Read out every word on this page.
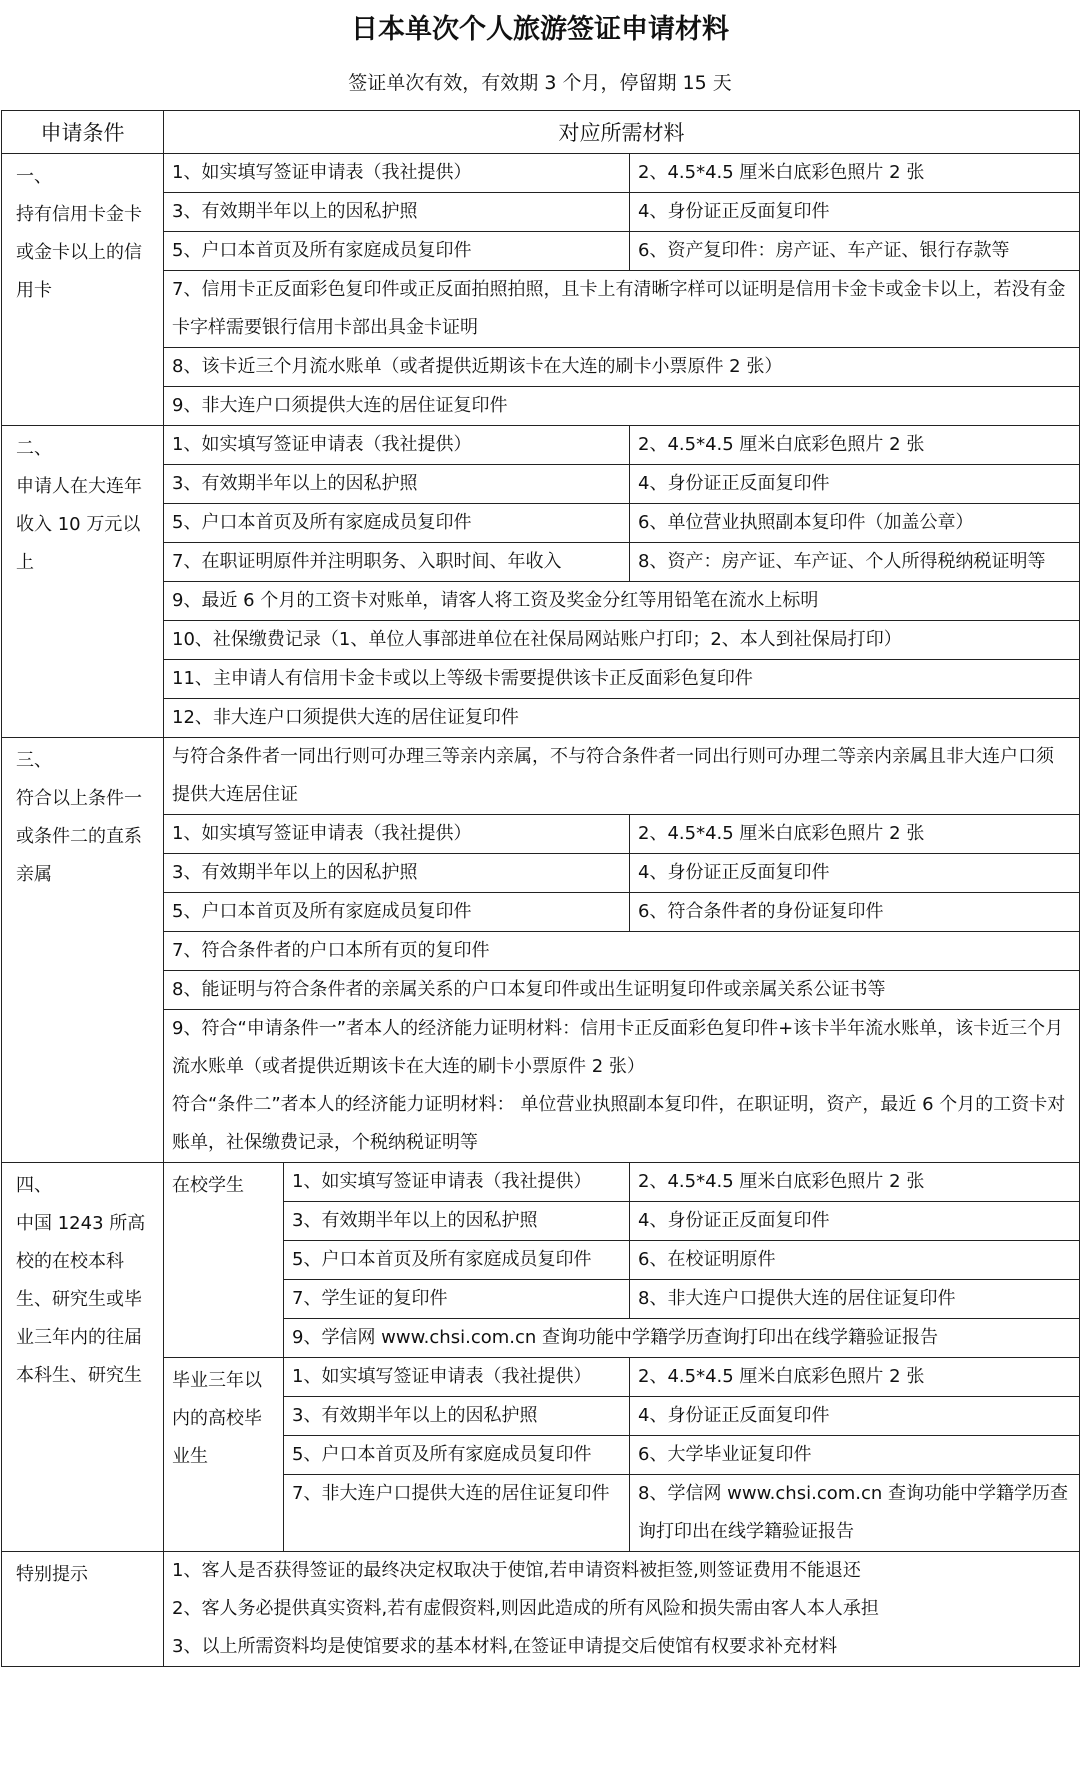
日本单次个人旅游签证申请材料
签证单次有效，有效期 3 个月，停留期 15 天
申请条件	对应所需材料		

一、
持有信用卡金卡或金卡以上的信用卡	1、如实填写签证申请表（我社提供）		2、4.5*4.5 厘米白底彩色照片 2 张
	3、有效期半年以上的因私护照		4、身份证正反面复印件
	5、户口本首页及所有家庭成员复印件		6、资产复印件：房产证、车产证、银行存款等
	7、信用卡正反面彩色复印件或正反面拍照拍照，且卡上有清晰字样可以证明是信用卡金卡或金卡以上，若没有金卡字样需要银行信用卡部出具金卡证明		
	8、该卡近三个月流水账单（或者提供近期该卡在大连的刷卡小票原件 2 张）		
	9、非大连户口须提供大连的居住证复印件		

二、
申请人在大连年收入 10 万元以上	1、如实填写签证申请表（我社提供）		2、4.5*4.5 厘米白底彩色照片 2 张
	3、有效期半年以上的因私护照		4、身份证正反面复印件
	5、户口本首页及所有家庭成员复印件		6、单位营业执照副本复印件（加盖公章）
	7、在职证明原件并注明职务、入职时间、年收入		8、资产：房产证、车产证、个人所得税纳税证明等
	9、最近 6 个月的工资卡对账单，请客人将工资及奖金分红等用铅笔在流水上标明		
	10、社保缴费记录（1、单位人事部进单位在社保局网站账户打印；2、本人到社保局打印）		
	11、主申请人有信用卡金卡或以上等级卡需要提供该卡正反面彩色复印件		
	12、非大连户口须提供大连的居住证复印件		

三、
符合以上条件一或条件二的直系亲属	与符合条件者一同出行则可办理三等亲内亲属，不与符合条件者一同出行则可办理二等亲内亲属且非大连户口须提供大连居住证		
	1、如实填写签证申请表（我社提供）		2、4.5*4.5 厘米白底彩色照片 2 张
	3、有效期半年以上的因私护照		4、身份证正反面复印件
	5、户口本首页及所有家庭成员复印件		6、符合条件者的身份证复印件
	7、符合条件者的户口本所有页的复印件		
	8、能证明与符合条件者的亲属关系的户口本复印件或出生证明复印件或亲属关系公证书等		

	9、符合“申请条件一”者本人的经济能力证明材料：信用卡正反面彩色复印件+该卡半年流水账单，该卡近三个月流水账单（或者提供近期该卡在大连的刷卡小票原件 2 张）
符合“条件二”者本人的经济能力证明材料： 单位营业执照副本复印件，在职证明，资产，最近 6 个月的工资卡对账单，社保缴费记录，个税纳税证明等		

四、
中国 1243 所高校的在校本科生、研究生或毕业三年内的往届本科生、研究生	在校学生	1、如实填写签证申请表（我社提供）	2、4.5*4.5 厘米白底彩色照片 2 张
		3、有效期半年以上的因私护照	4、身份证正反面复印件
		5、户口本首页及所有家庭成员复印件	6、在校证明原件
		7、学生证的复印件	8、非大连户口提供大连的居住证复印件
		9、学信网 www.chsi.com.cn 查询功能中学籍学历查询打印出在线学籍验证报告	
	毕业三年以内的高校毕业生	1、如实填写签证申请表（我社提供）	2、4.5*4.5 厘米白底彩色照片 2 张
		3、有效期半年以上的因私护照	4、身份证正反面复印件
		5、户口本首页及所有家庭成员复印件	6、大学毕业证复印件
		7、非大连户口提供大连的居住证复印件	8、学信网 www.chsi.com.cn 查询功能中学籍学历查询打印出在线学籍验证报告
特别提示	1、客人是否获得签证的最终决定权取决于使馆,若申请资料被拒签,则签证费用不能退还
2、客人务必提供真实资料,若有虚假资料,则因此造成的所有风险和损失需由客人本人承担
3、以上所需资料均是使馆要求的基本材料,在签证申请提交后使馆有权要求补充材料		
